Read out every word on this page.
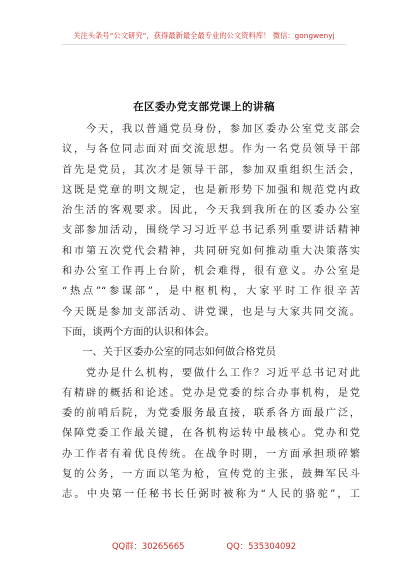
关注头条号“公文研究”，获得最新最全最专业的公文资料库！ 微信：gongwenyj
在区委办党支部党课上的讲稿
　　今天，我以普通党员身份，参加区委办公室党支部会
议，与各位同志面对面交流思想。作为一名党员领导干部
首先是党员，其次才是领导干部，参加双重组织生活会，
这既是党章的明文规定，也是新形势下加强和规范党内政
治生活的客观要求。因此，今天我到我所在的区委办公室
支部参加活动，围绕学习习近平总书记系列重要讲话精神
和市第五次党代会精神，共同研究如何推动重大决策落实
和办公室工作再上台阶，机会难得，很有意义。办公室是
“热点”“参谋部”，是中枢机构，大家平时工作很辛苦
今天既是参加支部活动、讲党课，也是与大家共同交流。
下面，谈两个方面的认识和体会。
　　一、关于区委办公室的同志如何做合格党员
　　党办是什么机构，要做什么工作？习近平总书记对此
有精辟的概括和论述。党办是党委的综合办事机构，是党
委的前哨后院，为党委服务最直接，联系各方面最广泛，
保障党委工作最关键，在各机构运转中最核心。党办和党
办工作者有着优良传统。在战争时期，一方面承担琐碎繁
复的公务，一方面以笔为枪，宣传党的主张，鼓舞军民斗
志。中央第一任秘书长任弼时被称为“人民的骆驼”，工
QQ群：30265665	QQ：535304092
